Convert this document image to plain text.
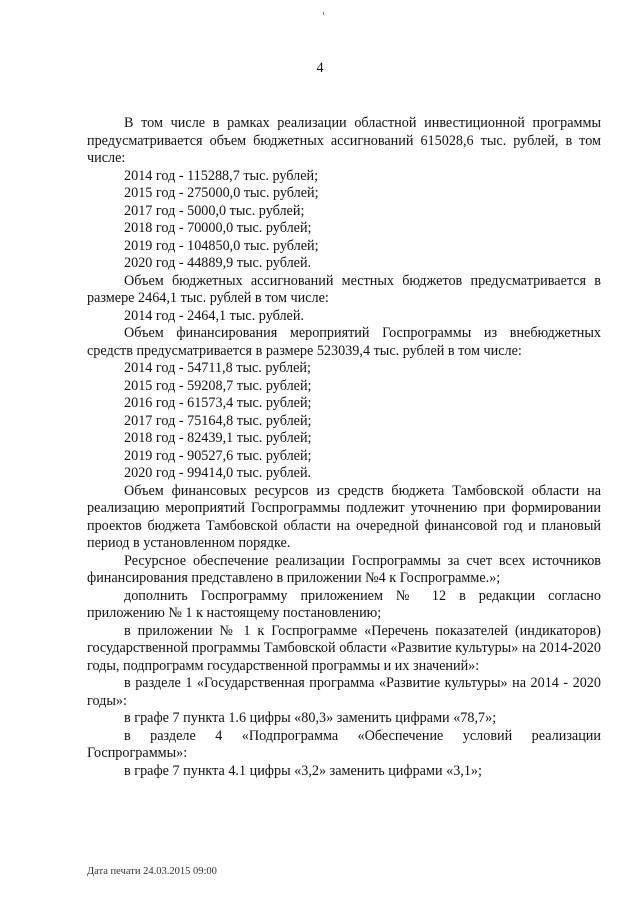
4

В том числе в рамках реализации областной инвестиционной программы предусматривается объем бюджетных ассигнований 615028,6 тыс. рублей, в том числе:

2014 год - 115288,7 тыс. рублей;
2015 год - 275000,0 тыс. рублей;
2017 год - 5000,0 тыс. рублей;
2018 год - 70000,0 тыс. рублей;
2019 год - 104850,0 тыс. рублей;
2020 год - 44889,9 тыс. рублей.

Объем бюджетных ассигнований местных бюджетов предусматривается в размере 2464,1 тыс. рублей в том числе:

2014 год - 2464,1 тыс. рублей.

Объем финансирования мероприятий Госпрограммы из внебюджетных средств предусматривается в размере 523039,4 тыс. рублей в том числе:

2014 год - 54711,8 тыс. рублей;
2015 год - 59208,7 тыс. рублей;
2016 год - 61573,4 тыс. рублей;
2017 год - 75164,8 тыс. рублей;
2018 год - 82439,1 тыс. рублей;
2019 год - 90527,6 тыс. рублей;
2020 год - 99414,0 тыс. рублей.

Объем финансовых ресурсов из средств бюджета Тамбовской области на реализацию мероприятий Госпрограммы подлежит уточнению при формировании проектов бюджета Тамбовской области на очередной финансовой год и плановый период в установленном порядке.

Ресурсное обеспечение реализации Госпрограммы за счет всех источников финансирования представлено в приложении №4 к Госпрограмме.»;

дополнить Госпрограмму приложением № 12 в редакции согласно приложению № 1 к настоящему постановлению;

в приложении № 1 к Госпрограмме «Перечень показателей (индикаторов) государственной программы Тамбовской области «Развитие культуры» на 2014-2020 годы, подпрограмм государственной программы и их значений»:

в разделе 1 «Государственная программа «Развитие культуры» на 2014 - 2020 годы»:

в графе 7 пункта 1.6 цифры «80,3» заменить цифрами «78,7»;

в разделе 4 «Подпрограмма «Обеспечение условий реализации Госпрограммы»:

в графе 7 пункта 4.1 цифры «3,2» заменить цифрами «3,1»;

Дата печати 24.03.2015 09:00
